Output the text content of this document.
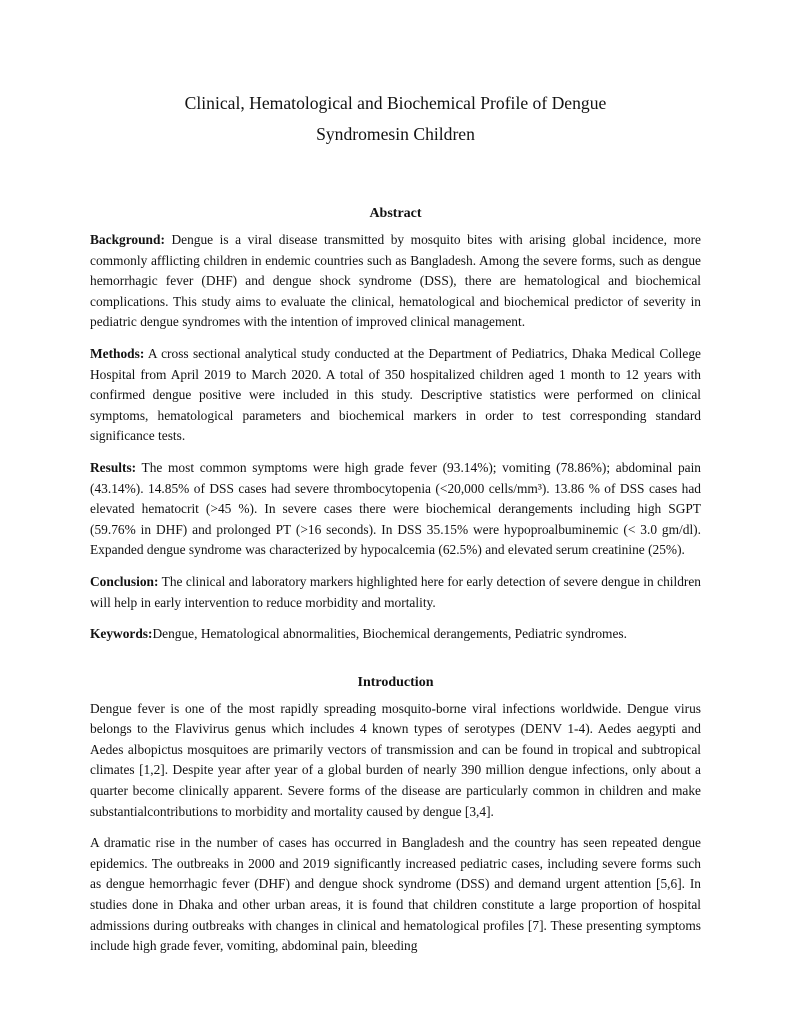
Clinical, Hematological and Biochemical Profile of Dengue
Syndromesin Children
Abstract

Background: Dengue is a viral disease transmitted by mosquito bites with arising global incidence, more commonly afflicting children in endemic countries such as Bangladesh. Among the severe forms, such as dengue hemorrhagic fever (DHF) and dengue shock syndrome (DSS), there are hematological and biochemical complications. This study aims to evaluate the clinical, hematological and biochemical predictor of severity in pediatric dengue syndromes with the intention of improved clinical management.

Methods: A cross sectional analytical study conducted at the Department of Pediatrics, Dhaka Medical College Hospital from April 2019 to March 2020. A total of 350 hospitalized children aged 1 month to 12 years with confirmed dengue positive were included in this study. Descriptive statistics were performed on clinical symptoms, hematological parameters and biochemical markers in order to test corresponding standard significance tests.

Results: The most common symptoms were high grade fever (93.14%); vomiting (78.86%); abdominal pain (43.14%). 14.85% of DSS cases had severe thrombocytopenia (<20,000 cells/mm³). 13.86 % of DSS cases had elevated hematocrit (>45 %). In severe cases there were biochemical derangements including high SGPT (59.76% in DHF) and prolonged PT (>16 seconds). In DSS 35.15% were hypoproalbuminemic (< 3.0 gm/dl). Expanded dengue syndrome was characterized by hypocalcemia (62.5%) and elevated serum creatinine (25%).

Conclusion: The clinical and laboratory markers highlighted here for early detection of severe dengue in children will help in early intervention to reduce morbidity and mortality.

Keywords:Dengue, Hematological abnormalities, Biochemical derangements, Pediatric syndromes.

Introduction

Dengue fever is one of the most rapidly spreading mosquito-borne viral infections worldwide. Dengue virus belongs to the Flavivirus genus which includes 4 known types of serotypes (DENV 1-4). Aedes aegypti and Aedes albopictus mosquitoes are primarily vectors of transmission and can be found in tropical and subtropical climates [1,2]. Despite year after year of a global burden of nearly 390 million dengue infections, only about a quarter become clinically apparent. Severe forms of the disease are particularly common in children and make substantialcontributions to morbidity and mortality caused by dengue [3,4].

A dramatic rise in the number of cases has occurred in Bangladesh and the country has seen repeated dengue epidemics. The outbreaks in 2000 and 2019 significantly increased pediatric cases, including severe forms such as dengue hemorrhagic fever (DHF) and dengue shock syndrome (DSS) and demand urgent attention [5,6]. In studies done in Dhaka and other urban areas, it is found that children constitute a large proportion of hospital admissions during outbreaks with changes in clinical and hematological profiles [7]. These presenting symptoms include high grade fever, vomiting, abdominal pain, bleeding
